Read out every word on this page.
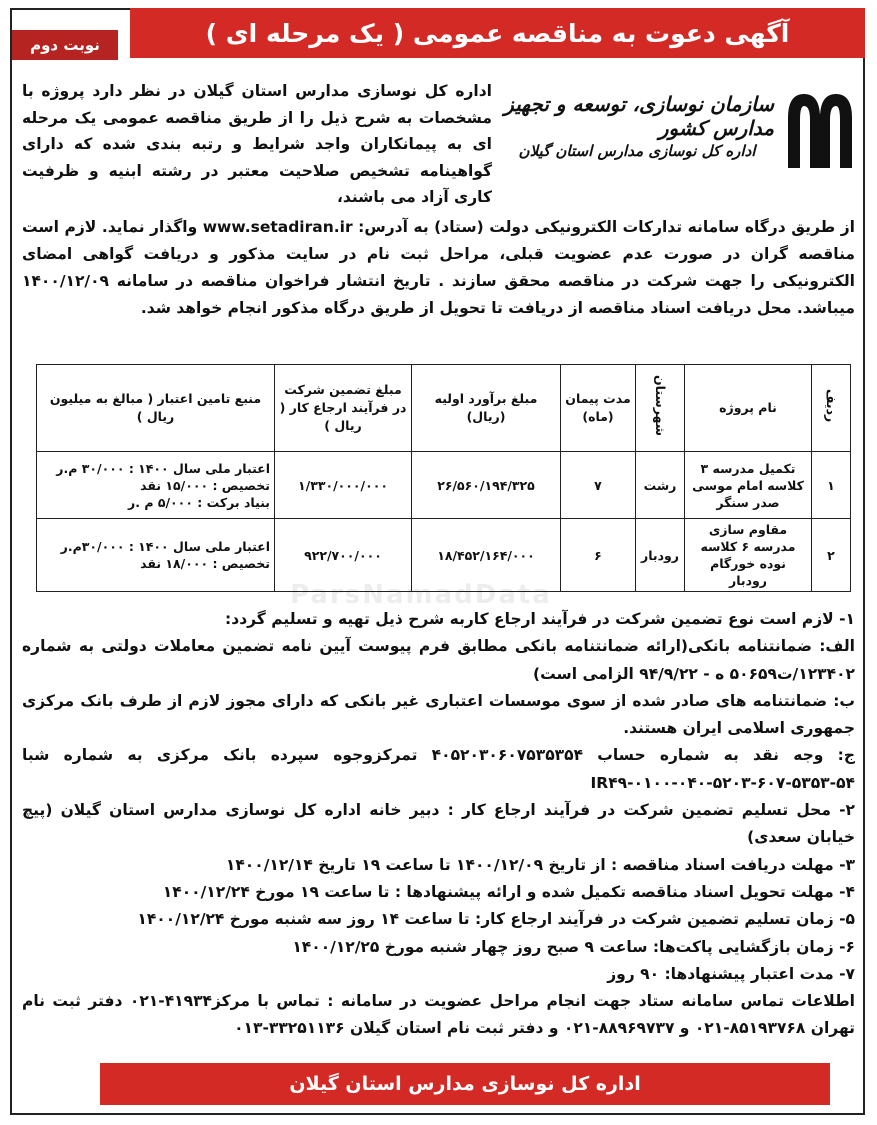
آگهی دعوت به مناقصه عمومی ( یک مرحله ای )
نوبت دوم
سازمان نوسازی، توسعه و تجهیز مدارس کشور
اداره کل نوسازی مدارس استان گیلان
اداره کل نوسازی مدارس استان گیلان در نظر دارد پروژه با مشخصات به شرح ذیل را از طریق مناقصه عمومی یک مرحله ای به پیمانکاران واجد شرایط و رتبه بندی شده که دارای گواهینامه تشخیص صلاحیت معتبر در رشته ابنیه و ظرفیت کاری آزاد می باشند،
از طریق درگاه سامانه تدارکات الکترونیکی دولت (ستاد) به آدرس: www.setadiran.ir واگذار نماید. لازم است مناقصه گران در صورت عدم عضویت قبلی، مراحل ثبت نام در سایت مذکور و دریافت گواهی امضای الکترونیکی را جهت شرکت در مناقصه محقق سازند . تاریخ انتشار فراخوان مناقصه در سامانه ۱۴۰۰/۱۲/۰۹ میباشد. محل دریافت اسناد مناقصه از دریافت تا تحویل از طریق درگاه مذکور انجام خواهد شد.
ردیف	نام پروژه	شهرستان	مدت پیمان (ماه)	مبلغ برآورد اولیه (ریال)	مبلغ تضمین شرکت در فرآیند ارجاع کار ( ریال )	منبع تامین اعتبار ( مبالغ به میلیون ریال )
۱	تکمیل مدرسه ۳ کلاسه امام موسی صدر سنگر	رشت	۷	۲۶/۵۶۰/۱۹۴/۳۲۵	۱/۳۳۰/۰۰۰/۰۰۰	اعتبار ملی سال ۱۴۰۰ : ۳۰/۰۰۰ م.ر
تخصیص : ۱۵/۰۰۰ نقد
بنیاد برکت : ۵/۰۰۰ م .ر

۲	مقاوم سازی مدرسه ۶ کلاسه نوده خورگام رودبار	رودبار	۶	۱۸/۴۵۲/۱۶۴/۰۰۰	۹۲۲/۷۰۰/۰۰۰	اعتبار ملی سال ۱۴۰۰ : ۳۰/۰۰۰م.ر
تخصیص : ۱۸/۰۰۰ نقد
ParsNamadData

۱- لازم است نوع تضمین شرکت در فرآیند ارجاع کاربه شرح ذیل تهیه و تسلیم گردد:

الف: ضمانتنامه بانکی(ارائه ضمانتنامه بانکی مطابق فرم پیوست آیین نامه تضمین معاملات دولتی به شماره ۱۲۳۴۰۲/ت۵۰۶۵۹ ه - ۹۴/۹/۲۲ الزامی است)

ب: ضمانتنامه های صادر شده از سوی موسسات اعتباری غیر بانکی که دارای مجوز لازم از طرف بانک مرکزی جمهوری اسلامی ایران هستند.

ج: وجه نقد به شماره حساب ۴۰۵۲۰۳۰۶۰۷۵۳۵۳۵۴ تمرکزوجوه سپرده بانک مرکزی به شماره شبا ۵۴-۵۳۵۳-۶۰۷-۵۲۰۳-۰۴۰-۰۱۰۰-IR۴۹

۲- محل تسلیم تضمین شرکت در فرآیند ارجاع کار : دبیر خانه اداره کل نوسازی مدارس استان گیلان (پیچ خیابان سعدی)

۳- مهلت دریافت اسناد مناقصه : از تاریخ ۱۴۰۰/۱۲/۰۹ تا ساعت ۱۹ تاریخ ۱۴۰۰/۱۲/۱۴

۴- مهلت تحویل اسناد مناقصه تکمیل شده و ارائه پیشنهادها : تا ساعت ۱۹ مورخ ۱۴۰۰/۱۲/۲۴

۵- زمان تسلیم تضمین شرکت در فرآیند ارجاع کار: تا ساعت ۱۴ روز سه شنبه مورخ ۱۴۰۰/۱۲/۲۴

۶- زمان بازگشایی پاکت‌ها: ساعت ۹ صبح روز چهار شنبه مورخ ۱۴۰۰/۱۲/۲۵

۷- مدت اعتبار پیشنهادها: ۹۰ روز

اطلاعات تماس سامانه ستاد جهت انجام مراحل عضویت در سامانه : تماس با مرکز۴۱۹۳۴-۰۲۱ دفتر ثبت نام تهران ۸۵۱۹۳۷۶۸-۰۲۱ و ۸۸۹۶۹۷۳۷-۰۲۱ و دفتر ثبت نام استان گیلان ۳۳۲۵۱۱۳۶-۰۱۳

اداره کل نوسازی مدارس استان گیلان
